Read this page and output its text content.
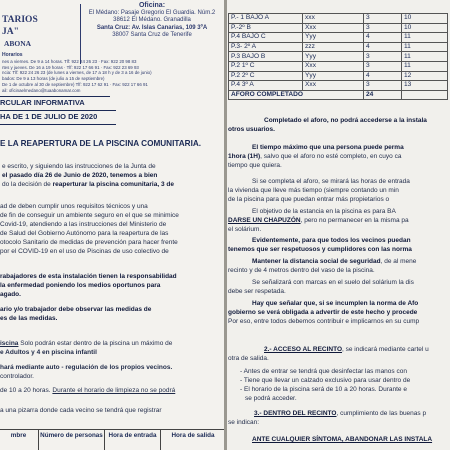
TARIOS
JA"
ABONA
Oficina:
El Médano: Pasaje Gregorio El Guardia. Núm.2
38612 El Médano. Granadilla
Santa Cruz: Av. Islas Canarias, 109 3ºA
38007 Santa Cruz de Tenerife
Horarios
nes a viernes. De 9 a 14 horas. Tlf: 922 24 26 23 · Fax: 922 20 98 83
rtes y jueves. De 16 a 19 horas · Tlf: 922 17 66 91 · Fax: 922 23 69 93
ncia: Tlf: 922 24 26 23 (de lunes a viernes, de 17 a 18 h y de 3 a 16 de junio)
bados: De 9 a 13 horas (de julio a 15 de septiembre)
De 1 de octubre al 30 de septiembre) Tlf: 922 17 62 91 · Fax: 922 17 66 91
ail: oficinaelmedano@tuaabonamar.com
RCULAR INFORMATIVA
HA DE 1 DE JULIO DE 2020
E LA REAPERTURA DE LA PISCINA COMUNITARIA.
e escrito, y siguiendo las instrucciones de la Junta de
el pasado día 26 de Junio de 2020, tenemos a bien
do la decisión de reaperturar la piscina comunitaria, 3 de
ad de deben cumplir unos requisitos técnicos y una
de fin de conseguir un ambiente seguro en el que se minimice
Covid-19, atendiendo a las instrucciones del Ministerio de
de Salud del Gobierno Autónomo para la reapertura de las
otocolo Sanitario de medidas de prevención para hacer frente
por el COVID-19 en el uso de Piscinas de uso colectivo de
rabajadores de esta instalación tienen la responsabilidad
la enfermedad poniendo los medios oportunos para
agado.
ario y/o trabajador debe observar las medidas de
es de las medidas.
iscina Solo podrán estar dentro de la piscina un máximo de
e Adultos y 4 en piscina infantil
hará mediante auto - regulación de los propios vecinos.
controlador.
de 10 a 20 horas. Durante el horario de limpieza no se podrá
a una pizarra donde cada vecino se tendrá que registrar
mbre	Número de personas	Hora de entrada	Hora de salida
P.- 1 BAJO A	xxx	3	10
P.-2º B	Xxx	3	10
P.4 BAJO C	Yyy	4	11
P.3- 2º A	zzz	4	11
P.3 BAJO B	Yyy	3	11
P.2 1º C	Xxx	3	11
P.2 2º C	Yyy	4	12
P.4 3º A	Xxx	3	13
AFORO COMPLETADO		24	
Completado el aforo, no podrá accederse a la instala
otros usuarios.
El tiempo máximo que una persona puede perma
1hora (1H), salvo que el aforo no esté completo, en cuyo ca
tiempo que quiera.
Si se completa el aforo, se mirará las horas de entrada
la vivienda que lleve más tiempo (siempre contando un min
de la piscina para que puedan entrar más propietarios o
El objetivo de la estancia en la piscina es para BA
DARSE UN CHAPUZÓN, pero no permanecer en la misma pa
el solárium.
Evidentemente, para que todos los vecinos puedan
tenemos que ser respetuosos y cumplidores con las norma
Mantener la distancia social de seguridad, de al mene
recinto y de 4 metros dentro del vaso de la piscina.
Se señalizará con marcas en el suelo del solárium la dis
debe ser respetada.
Hay que señalar que, si se incumplen la norma de Afo
gobierno se verá obligada a advertir de este hecho y procede
Por eso, entre todos debemos contribuir e implicarnos en su cump
2.- ACCESO AL RECINTO, se indicará mediante cartel u
otra de salida.
- Antes de entrar se tendrá que desinfectar las manos con
- Tiene que llevar un calzado exclusivo para usar dentro de
- El horario de la piscina será de 10 a 20 horas. Durante e
se podrá acceder.
3.- DENTRO DEL RECINTO, cumplimiento de las buenas p
se indican:
ANTE CUALQUIER SÍNTOMA, ABANDONAR LAS INSTALA
